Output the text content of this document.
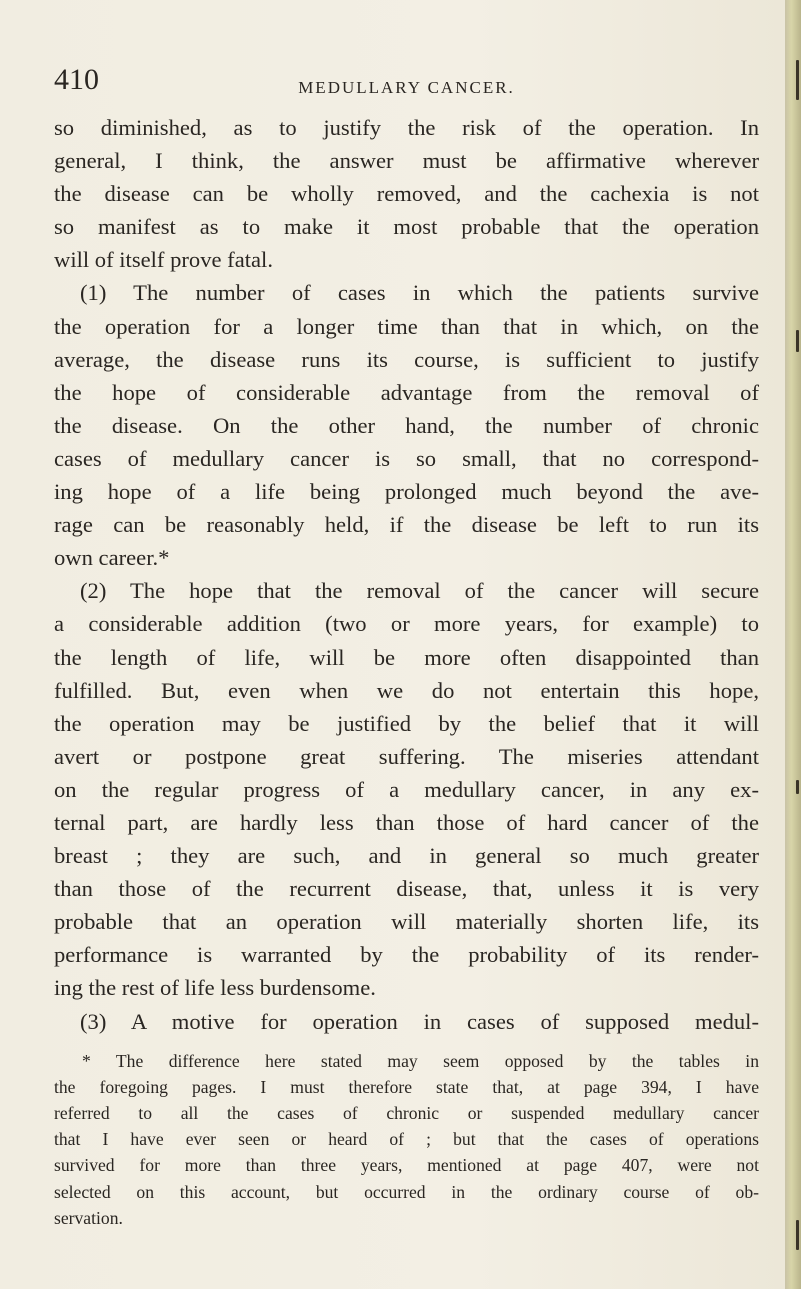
410	MEDULLARY CANCER.
so diminished, as to justify the risk of the operation. In
general, I think, the answer must be affirmative wherever
the disease can be wholly removed, and the cachexia is not
so manifest as to make it most probable that the operation
will of itself prove fatal.
(1) The number of cases in which the patients survive
the operation for a longer time than that in which, on the
average, the disease runs its course, is sufficient to justify
the hope of considerable advantage from the removal of
the disease. On the other hand, the number of chronic
cases of medullary cancer is so small, that no correspond-
ing hope of a life being prolonged much beyond the ave-
rage can be reasonably held, if the disease be left to run its
own career.*
(2) The hope that the removal of the cancer will secure
a considerable addition (two or more years, for example) to
the length of life, will be more often disappointed than
fulfilled. But, even when we do not entertain this hope,
the operation may be justified by the belief that it will
avert or postpone great suffering. The miseries attendant
on the regular progress of a medullary cancer, in any ex-
ternal part, are hardly less than those of hard cancer of the
breast ; they are such, and in general so much greater
than those of the recurrent disease, that, unless it is very
probable that an operation will materially shorten life, its
performance is warranted by the probability of its render-
ing the rest of life less burdensome.
(3) A motive for operation in cases of supposed medul-
* The difference here stated may seem opposed by the tables in
the foregoing pages. I must therefore state that, at page 394, I have
referred to all the cases of chronic or suspended medullary cancer
that I have ever seen or heard of ; but that the cases of operations
survived for more than three years, mentioned at page 407, were not
selected on this account, but occurred in the ordinary course of ob-
servation.
